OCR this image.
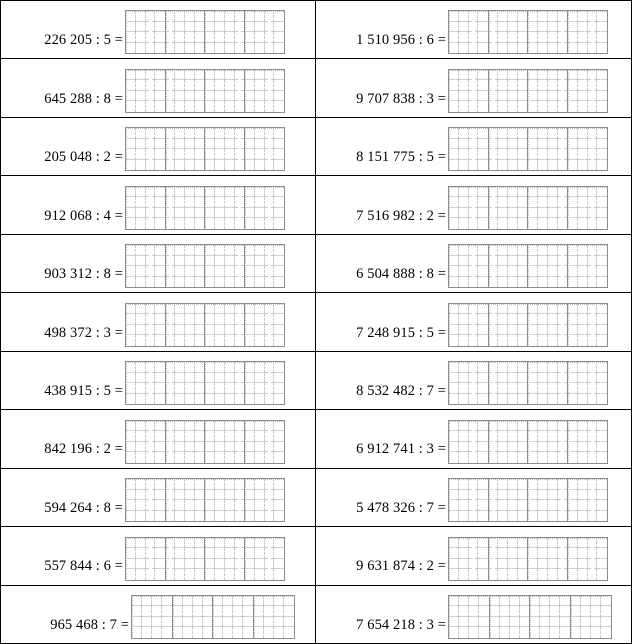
226 205 : 5 =	1 510 956 : 6 =
645 288 : 8 =	9 707 838 : 3 =
205 048 : 2 =	8 151 775 : 5 =
912 068 : 4 =	7 516 982 : 2 =
903 312 : 8 =	6 504 888 : 8 =
498 372 : 3 =	7 248 915 : 5 =
438 915 : 5 =	8 532 482 : 7 =
842 196 : 2 =	6 912 741 : 3 =
594 264 : 8 =	5 478 326 : 7 =
557 844 : 6 =	9 631 874 : 2 =
965 468 : 7 =	7 654 218 : 3 =
